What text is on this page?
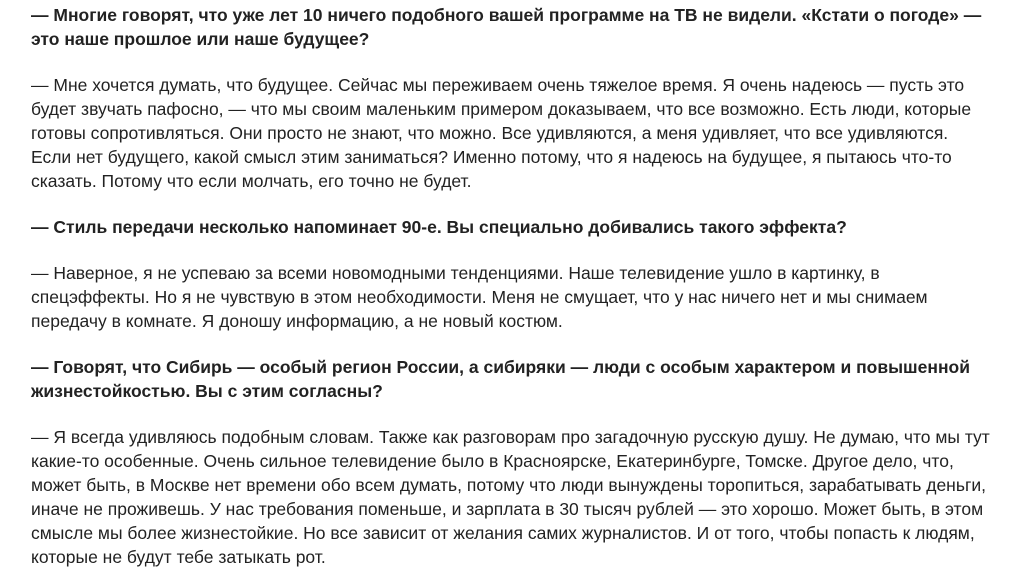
— Многие говорят, что уже лет 10 ничего подобного вашей программе на ТВ не видели. «Кстати о погоде» — это наше прошлое или наше будущее?

— Мне хочется думать, что будущее. Сейчас мы переживаем очень тяжелое время. Я очень надеюсь — пусть это будет звучать пафосно, — что мы своим маленьким примером доказываем, что все возможно. Есть люди, которые готовы сопротивляться. Они просто не знают, что можно. Все удивляются, а меня удивляет, что все удивляются. Если нет будущего, какой смысл этим заниматься? Именно потому, что я надеюсь на будущее, я пытаюсь что-то сказать. Потому что если молчать, его точно не будет.

— Стиль передачи несколько напоминает 90-е. Вы специально добивались такого эффекта?

— Наверное, я не успеваю за всеми новомодными тенденциями. Наше телевидение ушло в картинку, в спецэффекты. Но я не чувствую в этом необходимости. Меня не смущает, что у нас ничего нет и мы снимаем передачу в комнате. Я доношу информацию, а не новый костюм.

— Говорят, что Сибирь — особый регион России, а сибиряки — люди с особым характером и повышенной жизнестойкостью. Вы с этим согласны?

— Я всегда удивляюсь подобным словам. Также как разговорам про загадочную русскую душу. Не думаю, что мы тут какие-то особенные. Очень сильное телевидение было в Красноярске, Екатеринбурге, Томске. Другое дело, что, может быть, в Москве нет времени обо всем думать, потому что люди вынуждены торопиться, зарабатывать деньги, иначе не проживешь. У нас требования поменьше, и зарплата в 30 тысяч рублей — это хорошо. Может быть, в этом смысле мы более жизнестойкие. Но все зависит от желания самих журналистов. И от того, чтобы попасть к людям, которые не будут тебе затыкать рот.
